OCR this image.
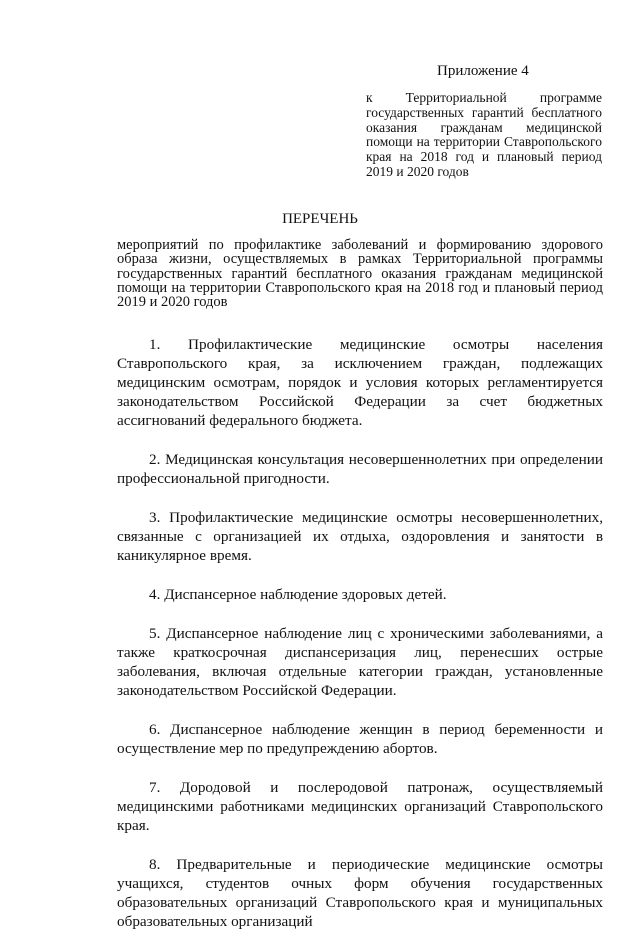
Приложение 4
к Территориальной программе государственных гарантий бесплатного оказания гражданам медицинской помощи на территории Ставропольского края на 2018 год и плановый период 2019 и 2020 годов
ПЕРЕЧЕНЬ
мероприятий по профилактике заболеваний и формированию здорового образа жизни, осуществляемых в рамках Территориальной программы государственных гарантий бесплатного оказания гражданам медицинской помощи на территории Ставропольского края на 2018 год и плановый период 2019 и 2020 годов

1. Профилактические медицинские осмотры населения Ставропольского края, за исключением граждан, подлежащих медицинским осмотрам, порядок и условия которых регламентируется законодательством Российской Федерации за счет бюджетных ассигнований федерального бюджета.

2. Медицинская консультация несовершеннолетних при определении профессиональной пригодности.

3. Профилактические медицинские осмотры несовершеннолетних, связанные с организацией их отдыха, оздоровления и занятости в каникулярное время.

4. Диспансерное наблюдение здоровых детей.

5. Диспансерное наблюдение лиц с хроническими заболеваниями, а также краткосрочная диспансеризация лиц, перенесших острые заболевания, включая отдельные категории граждан, установленные законодательством Российской Федерации.

6. Диспансерное наблюдение женщин в период беременности и осуществление мер по предупреждению абортов.

7. Дородовой и послеродовой патронаж, осуществляемый медицинскими работниками медицинских организаций Ставропольского края.

8. Предварительные и периодические медицинские осмотры учащихся, студентов очных форм обучения государственных образовательных организаций Ставропольского края и муниципальных образовательных организаций
